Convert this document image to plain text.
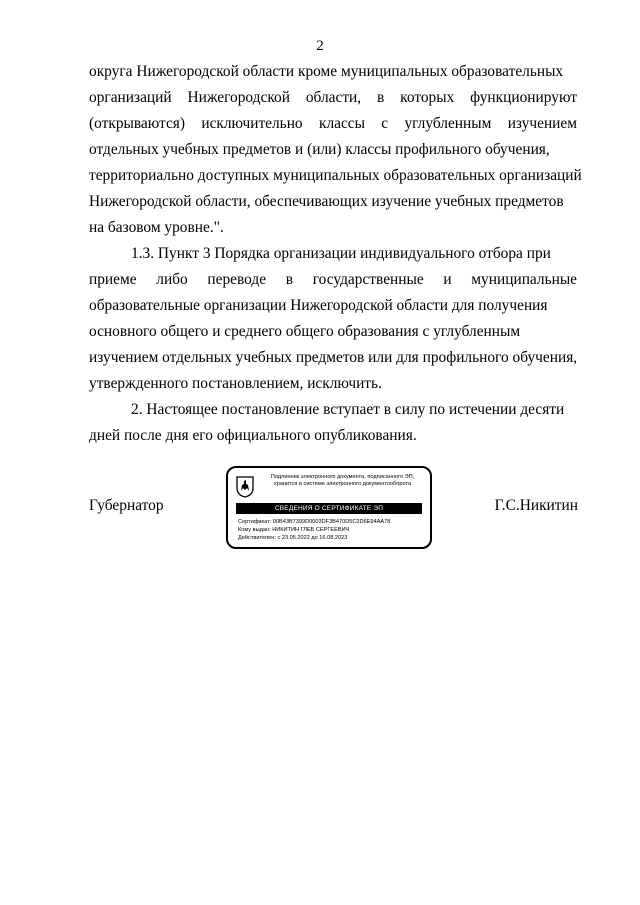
2
округа Нижегородской области кроме муниципальных образовательных
организаций Нижегородской области, в которых функционируют
(открываются) исключительно классы с углубленным изучением
отдельных учебных предметов и (или) классы профильного обучения,
территориально доступных муниципальных образовательных организаций
Нижегородской области, обеспечивающих изучение учебных предметов
на базовом уровне.".
1.3. Пункт 3 Порядка организации индивидуального отбора при
приеме либо переводе в государственные и муниципальные
образовательные организации Нижегородской области для получения
основного общего и среднего общего образования с углубленным
изучением отдельных учебных предметов или для профильного обучения,
утвержденного постановлением, исключить.
2. Настоящее постановление вступает в силу по истечении десяти
дней после дня его официального опубликования.
Губернатор	Г.С.Никитин
Подлинник электронного документа, подписанного ЭП,
хранится в системе электронного документооборота
СВЕДЕНИЯ О СЕРТИФИКАТЕ ЭП
Сертификат: 00B43B7399D0003DF3B470D5C2D6E94AA78
Кому выдан: НИКИТИН ГЛЕБ СЕРГЕЕВИЧ
Действителен: с 23.05.2022 до 16.08.2023
